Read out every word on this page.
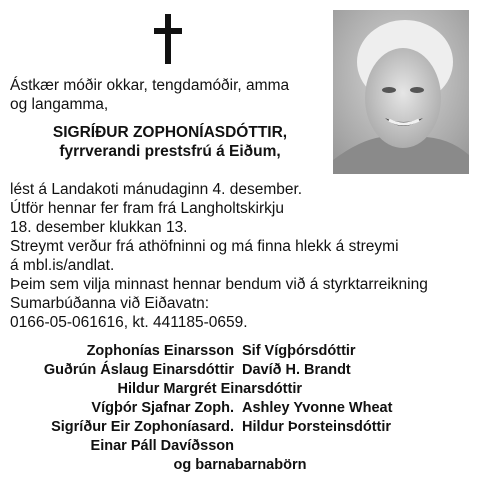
Ástkær móðir okkar, tengdamóðir, amma
og langamma,
SIGRÍÐUR ZOPHONÍASDÓTTIR,
fyrrverandi prestsfrú á Eiðum,
lést á Landakoti mánudaginn 4. desember.
Útför hennar fer fram frá Langholtskirkju
18. desember klukkan 13.
Streymt verður frá athöfninni og má finna hlekk á streymi
á mbl.is/andlat.
Þeim sem vilja minnast hennar bendum við á styrktarreikning
Sumarbúðanna við Eiðavatn:
0166-05-061616, kt. 441185-0659.
Zophonías Einarsson Sif Vígþórsdóttir
Guðrún Áslaug Einarsdóttir Davíð H. Brandt
Hildur Margrét Einarsdóttir
Vígþór Sjafnar Zoph. Ashley Yvonne Wheat
Sigríður Eir Zophoníasard. Hildur Þorsteinsdóttir
Einar Páll Davíðsson
og barnabarnabörn
